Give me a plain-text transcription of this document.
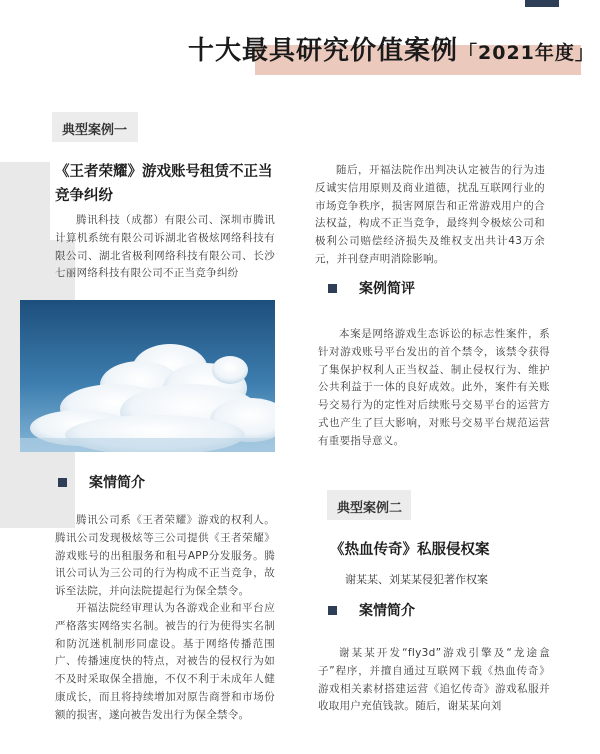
十大最具研究价值案例「2021年度」
典型案例一
《王者荣耀》游戏账号租赁不正当竞争纠纷
腾讯科技（成都）有限公司、深圳市腾讯计算机系统有限公司诉湖北省极炫网络科技有限公司、湖北省极利网络科技有限公司、长沙七丽网络科技有限公司不正当竞争纠纷
案情简介
腾讯公司系《王者荣耀》游戏的权利人。腾讯公司发现极炫等三公司提供《王者荣耀》游戏账号的出租服务和租号APP分发服务。腾讯公司认为三公司的行为构成不正当竞争，故诉至法院，并向法院提起行为保全禁令。
开福法院经审理认为各游戏企业和平台应严格落实网络实名制。被告的行为使得实名制和防沉迷机制形同虚设。基于网络传播范围广、传播速度快的特点，对被告的侵权行为如不及时采取保全措施，不仅不利于未成年人健康成长，而且将持续增加对原告商誉和市场份额的损害，遂向被告发出行为保全禁令。
随后，开福法院作出判决认定被告的行为违反诚实信用原则及商业道德，扰乱互联网行业的市场竞争秩序，损害网原告和正常游戏用户的合法权益，构成不正当竞争，最终判令极炫公司和极利公司赔偿经济损失及维权支出共计43万余元，并刊登声明消除影响。
案例简评
本案是网络游戏生态诉讼的标志性案件，系针对游戏账号平台发出的首个禁令，该禁令获得了集保护权利人正当权益、制止侵权行为、维护公共利益于一体的良好成效。此外，案件有关账号交易行为的定性对后续账号交易平台的运营方式也产生了巨大影响，对账号交易平台规范运营有重要指导意义。
典型案例二
《热血传奇》私服侵权案
谢某某、刘某某侵犯著作权案
案情简介
谢某某开发“fly3d”游戏引擎及“龙途盒子”程序，并擅自通过互联网下载《热血传奇》游戏相关素材搭建运营《追忆传奇》游戏私服并收取用户充值钱款。随后，谢某某向刘
